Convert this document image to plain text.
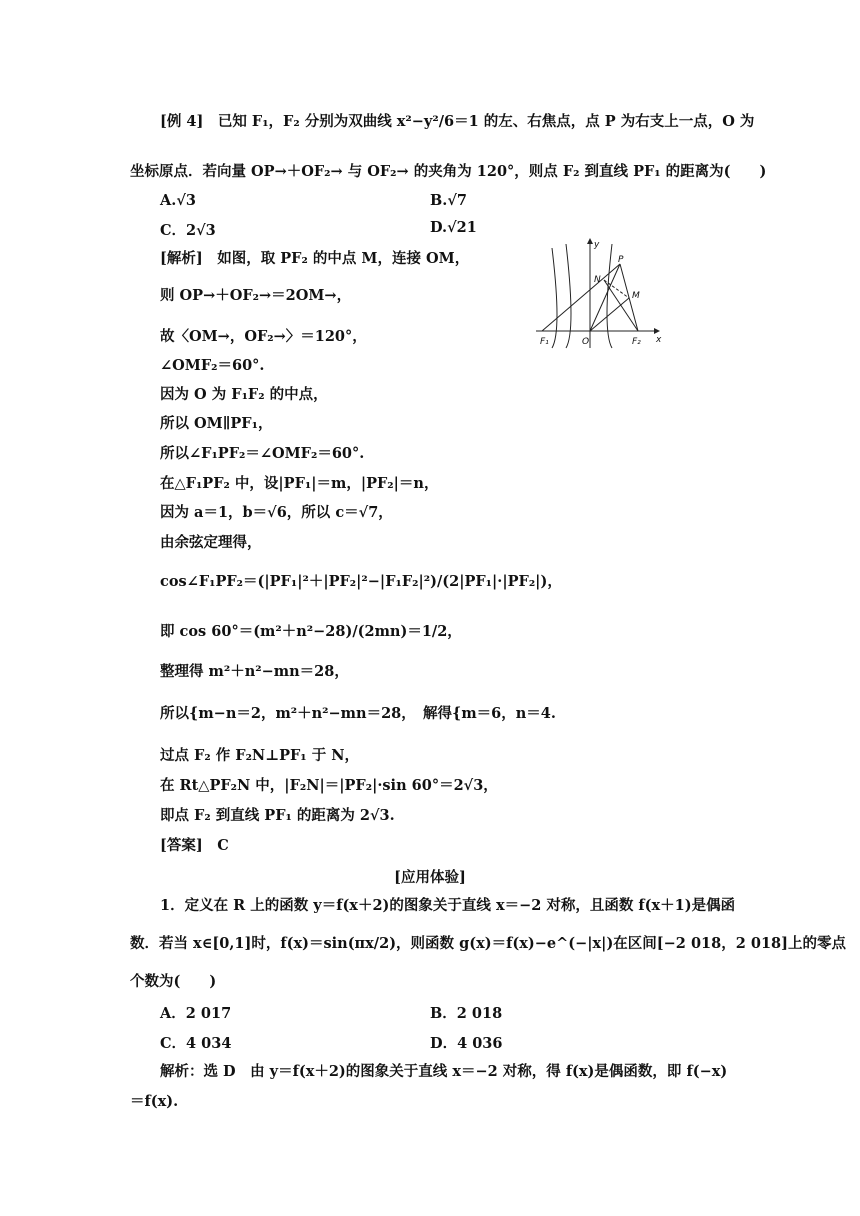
[例 4]　已知 F₁，F₂ 分别为双曲线 x²−y²/6＝1 的左、右焦点，点 P 为右支上一点，O 为
坐标原点．若向量 OP→＋OF₂→ 与 OF₂→ 的夹角为 120°，则点 F₂ 到直线 PF₁ 的距离为(　　)
A.√3	B.√7
C．2√3	D.√21
[解析]　如图，取 PF₂ 的中点 M，连接 OM，
则 OP→＋OF₂→＝2OM→，
故〈OM→，OF₂→〉＝120°，
∠OMF₂＝60°.
因为 O 为 F₁F₂ 的中点，
所以 OM∥PF₁，
所以∠F₁PF₂＝∠OMF₂＝60°.
在△F₁PF₂ 中，设|PF₁|＝m，|PF₂|＝n，
因为 a＝1，b＝√6，所以 c＝√7，
由余弦定理得，
cos∠F₁PF₂＝(|PF₁|²＋|PF₂|²−|F₁F₂|²)/(2|PF₁|·|PF₂|)，
即 cos 60°＝(m²＋n²−28)/(2mn)＝1/2，
整理得 m²＋n²−mn＝28，
所以{m−n＝2，m²＋n²−mn＝28，　解得{m＝6，n＝4.
过点 F₂ 作 F₂N⊥PF₁ 于 N，
在 Rt△PF₂N 中，|F₂N|＝|PF₂|·sin 60°＝2√3，
即点 F₂ 到直线 PF₁ 的距离为 2√3.
[答案]　C
y
x
O
F₁	F₂
P
N
M
[应用体验]
1．定义在 R 上的函数 y＝f(x＋2)的图象关于直线 x＝−2 对称，且函数 f(x＋1)是偶函
数．若当 x∈[0,1]时，f(x)＝sin(πx/2)，则函数 g(x)＝f(x)−e^(−|x|)在区间[−2 018，2 018]上的零点
个数为(　　)
A．2 017	B．2 018
C．4 034	D．4 036
解析：选 D　由 y＝f(x＋2)的图象关于直线 x＝−2 对称，得 f(x)是偶函数，即 f(−x)
＝f(x).
